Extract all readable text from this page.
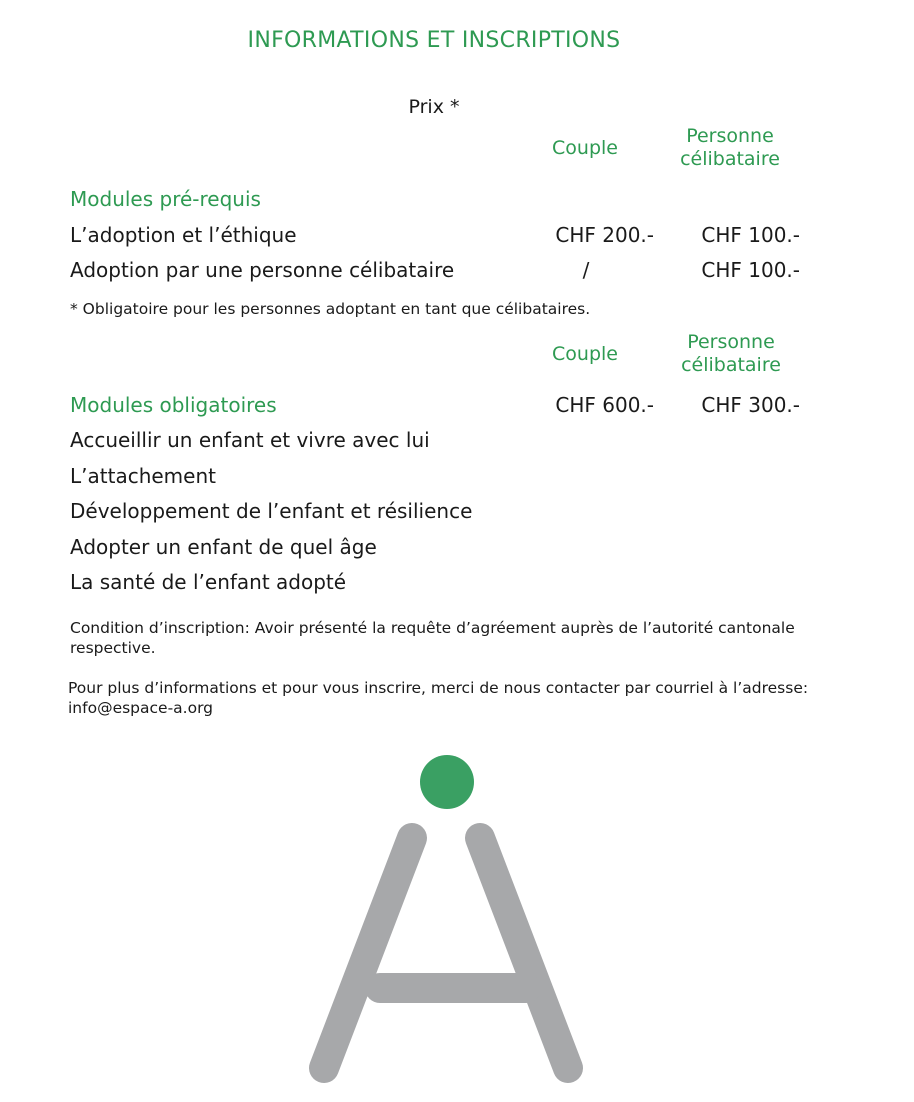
INFORMATIONS ET INSCRIPTIONS
Prix *
Couple
Personne
célibataire
Modules pré-requis
L’adoption et l’éthique	CHF 200.-	CHF 100.-
Adoption par une personne célibataire	/	CHF 100.-
* Obligatoire pour les personnes adoptant en tant que célibataires.
Couple
Personne
célibataire
Modules obligatoires	CHF 600.-	CHF 300.-
Accueillir un enfant et vivre avec lui
L’attachement
Développement de l’enfant et résilience
Adopter un enfant de quel âge
La santé de l’enfant adopté
Condition d’inscription: Avoir présenté la requête d’agréement auprès de l’autorité cantonale respective.
Pour plus d’informations et pour vous inscrire, merci de nous contacter par courriel à l’adresse: info@espace-a.org
